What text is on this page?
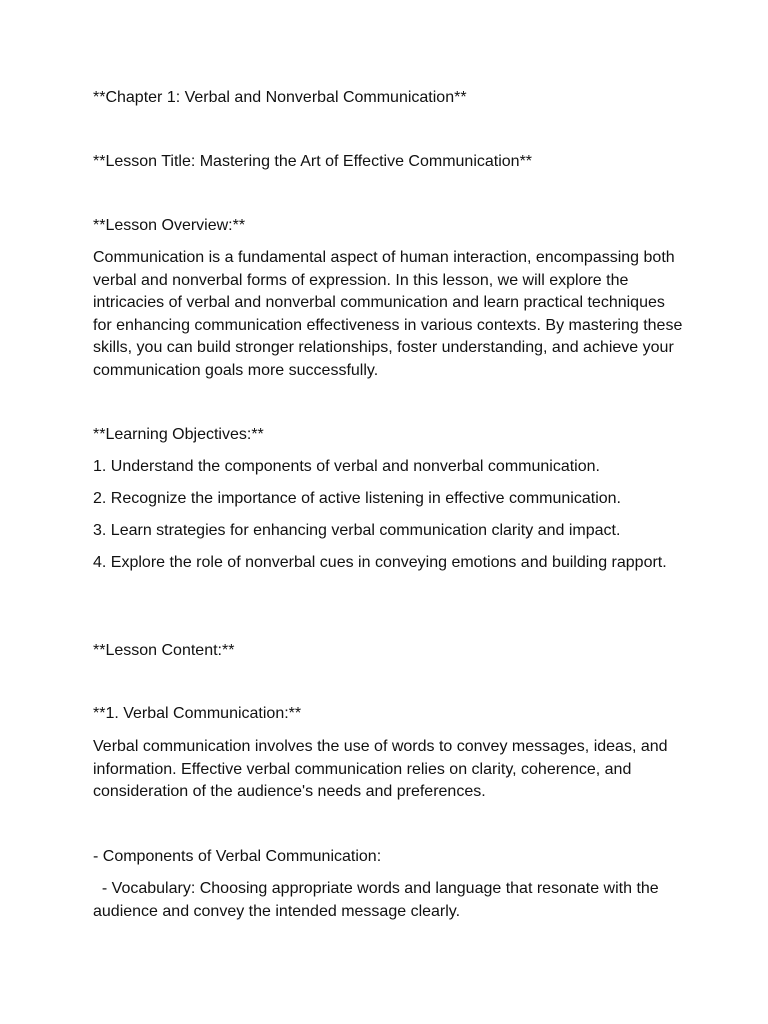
**Chapter 1: Verbal and Nonverbal Communication**

**Lesson Title: Mastering the Art of Effective Communication**

**Lesson Overview:**

Communication is a fundamental aspect of human interaction, encompassing both verbal and nonverbal forms of expression. In this lesson, we will explore the intricacies of verbal and nonverbal communication and learn practical techniques for enhancing communication effectiveness in various contexts. By mastering these skills, you can build stronger relationships, foster understanding, and achieve your communication goals more successfully.

**Learning Objectives:**

1. Understand the components of verbal and nonverbal communication.

2. Recognize the importance of active listening in effective communication.

3. Learn strategies for enhancing verbal communication clarity and impact.

4. Explore the role of nonverbal cues in conveying emotions and building rapport.

**Lesson Content:**

**1. Verbal Communication:**

Verbal communication involves the use of words to convey messages, ideas, and information. Effective verbal communication relies on clarity, coherence, and consideration of the audience's needs and preferences.

- Components of Verbal Communication:

- Vocabulary: Choosing appropriate words and language that resonate with the audience and convey the intended message clearly.
